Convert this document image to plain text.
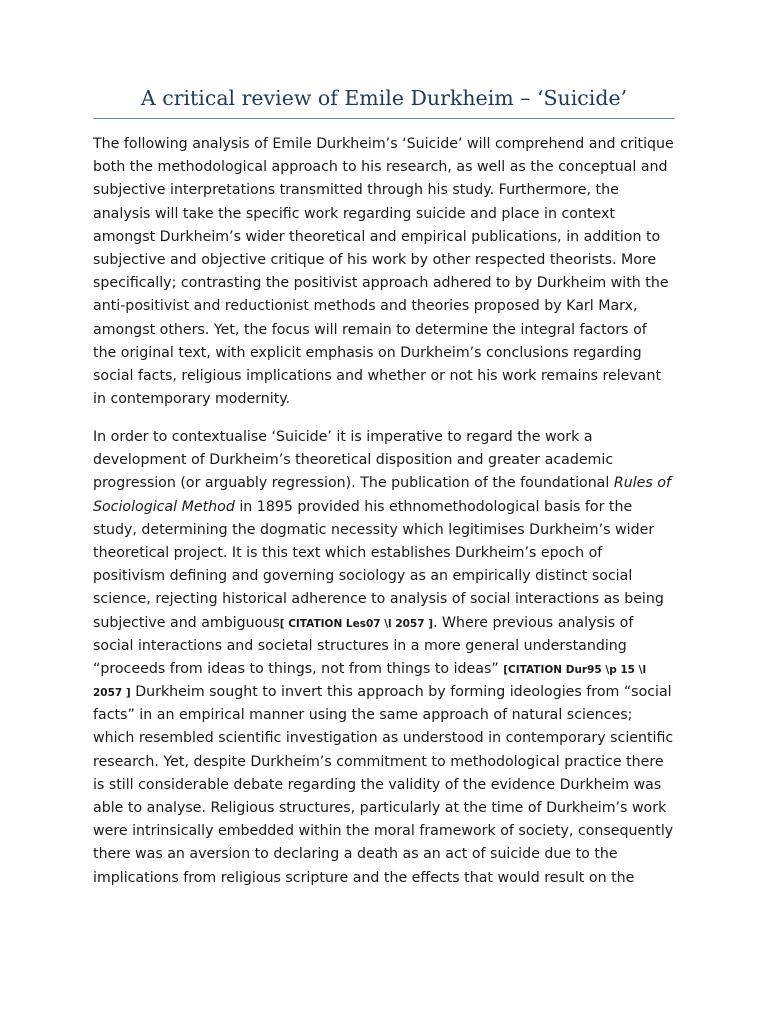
A critical review of Emile Durkheim – ‘Suicide’

The following analysis of Emile Durkheim’s ‘Suicide’ will comprehend and critique
both the methodological approach to his research, as well as the conceptual and
subjective interpretations transmitted through his study. Furthermore, the
analysis will take the specific work regarding suicide and place in context
amongst Durkheim’s wider theoretical and empirical publications, in addition to
subjective and objective critique of his work by other respected theorists. More
specifically; contrasting the positivist approach adhered to by Durkheim with the
anti-positivist and reductionist methods and theories proposed by Karl Marx,
amongst others. Yet, the focus will remain to determine the integral factors of
the original text, with explicit emphasis on Durkheim’s conclusions regarding
social facts, religious implications and whether or not his work remains relevant
in contemporary modernity.

In order to contextualise ‘Suicide’ it is imperative to regard the work a
development of Durkheim’s theoretical disposition and greater academic
progression (or arguably regression). The publication of the foundational Rules of
Sociological Method in 1895 provided his ethnomethodological basis for the
study, determining the dogmatic necessity which legitimises Durkheim’s wider
theoretical project. It is this text which establishes Durkheim’s epoch of
positivism defining and governing sociology as an empirically distinct social
science, rejecting historical adherence to analysis of social interactions as being
subjective and ambiguous[ CITATION Les07 \l 2057 ]. Where previous analysis of
social interactions and societal structures in a more general understanding
“proceeds from ideas to things, not from things to ideas” [CITATION Dur95 \p 15 \l
2057 ] Durkheim sought to invert this approach by forming ideologies from “social
facts” in an empirical manner using the same approach of natural sciences;
which resembled scientific investigation as understood in contemporary scientific
research. Yet, despite Durkheim’s commitment to methodological practice there
is still considerable debate regarding the validity of the evidence Durkheim was
able to analyse. Religious structures, particularly at the time of Durkheim’s work
were intrinsically embedded within the moral framework of society, consequently
there was an aversion to declaring a death as an act of suicide due to the
implications from religious scripture and the effects that would result on the
